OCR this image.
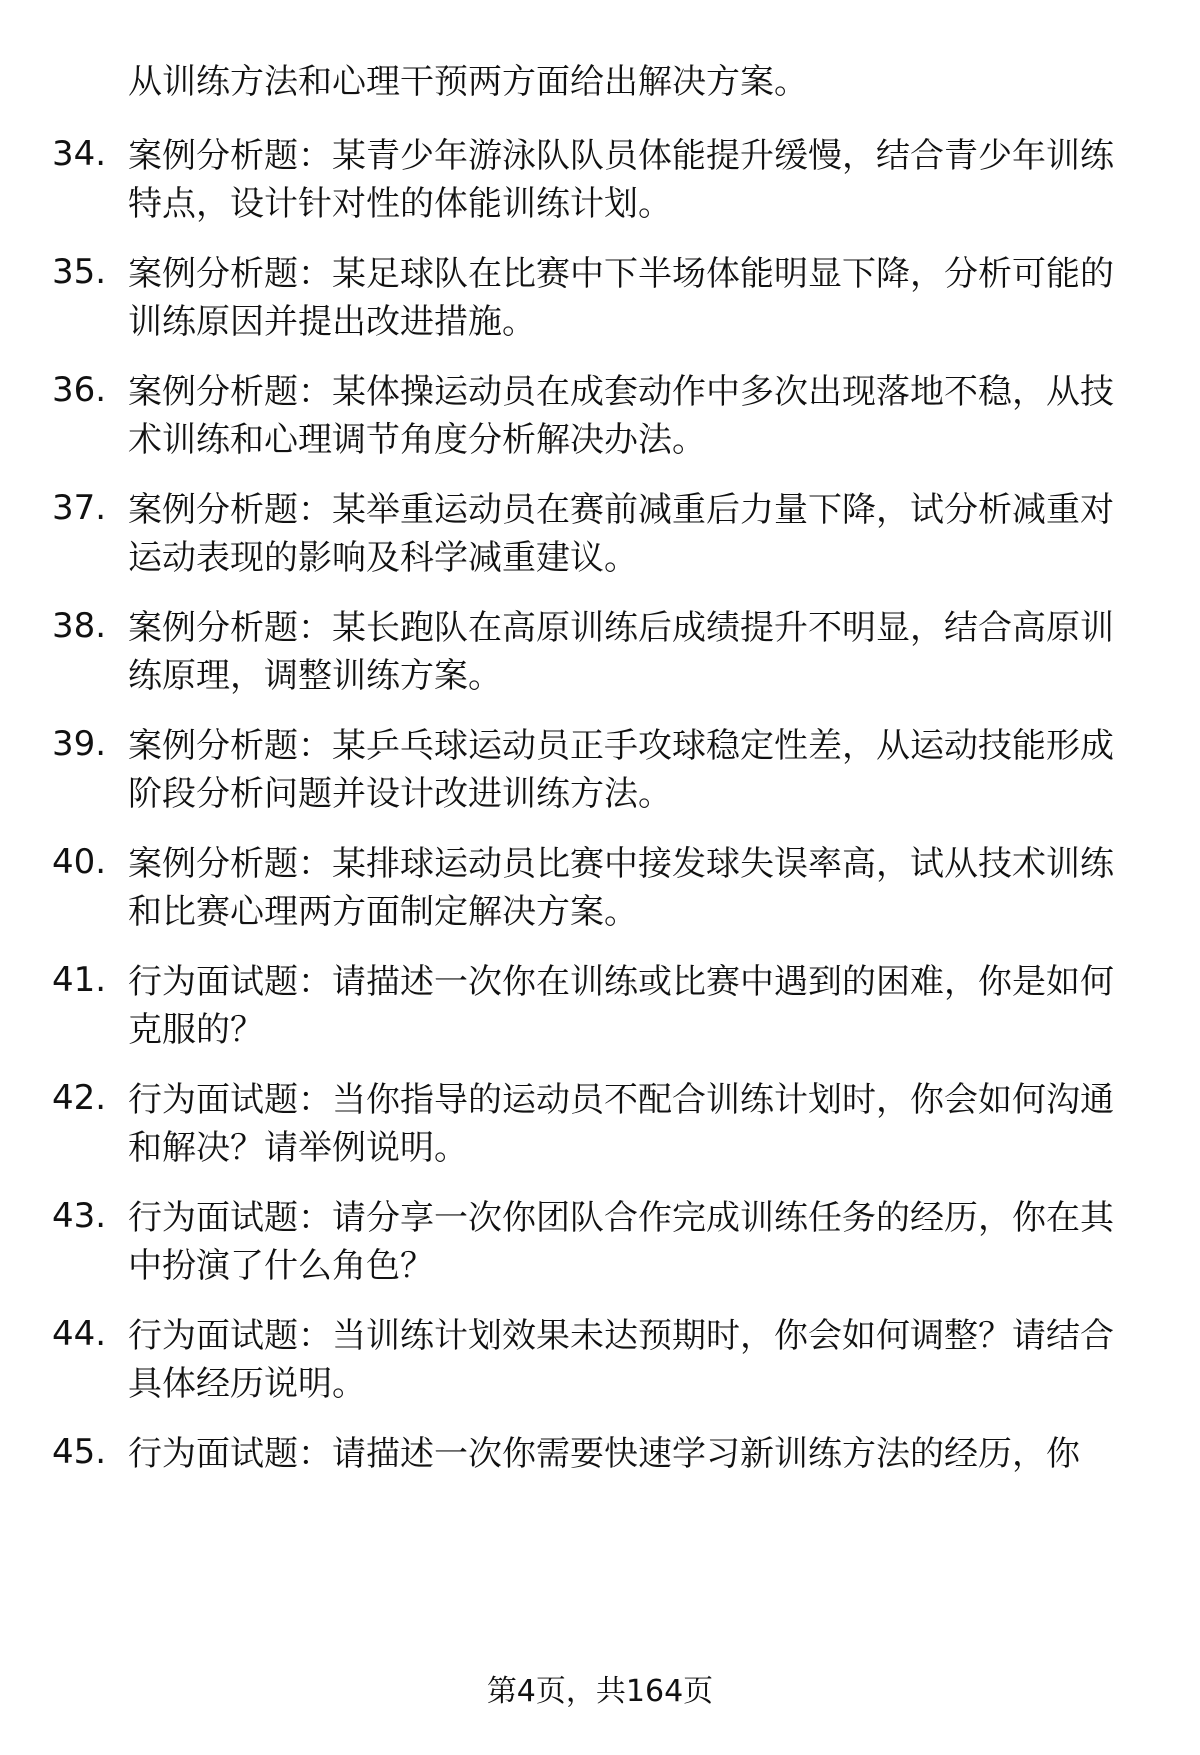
从训练方法和心理干预两方面给出解决方案。
34. 案例分析题：某青少年游泳队队员体能提升缓慢，结合青少年训练特点，设计针对性的体能训练计划。
35. 案例分析题：某足球队在比赛中下半场体能明显下降，分析可能的训练原因并提出改进措施。
36. 案例分析题：某体操运动员在成套动作中多次出现落地不稳，从技术训练和心理调节角度分析解决办法。
37. 案例分析题：某举重运动员在赛前减重后力量下降，试分析减重对运动表现的影响及科学减重建议。
38. 案例分析题：某长跑队在高原训练后成绩提升不明显，结合高原训练原理，调整训练方案。
39. 案例分析题：某乒乓球运动员正手攻球稳定性差，从运动技能形成阶段分析问题并设计改进训练方法。
40. 案例分析题：某排球运动员比赛中接发球失误率高，试从技术训练和比赛心理两方面制定解决方案。
41. 行为面试题：请描述一次你在训练或比赛中遇到的困难，你是如何克服的？
42. 行为面试题：当你指导的运动员不配合训练计划时，你会如何沟通和解决？请举例说明。
43. 行为面试题：请分享一次你团队合作完成训练任务的经历，你在其中扮演了什么角色？
44. 行为面试题：当训练计划效果未达预期时，你会如何调整？请结合具体经历说明。
45. 行为面试题：请描述一次你需要快速学习新训练方法的经历，你
第4页，共164页
